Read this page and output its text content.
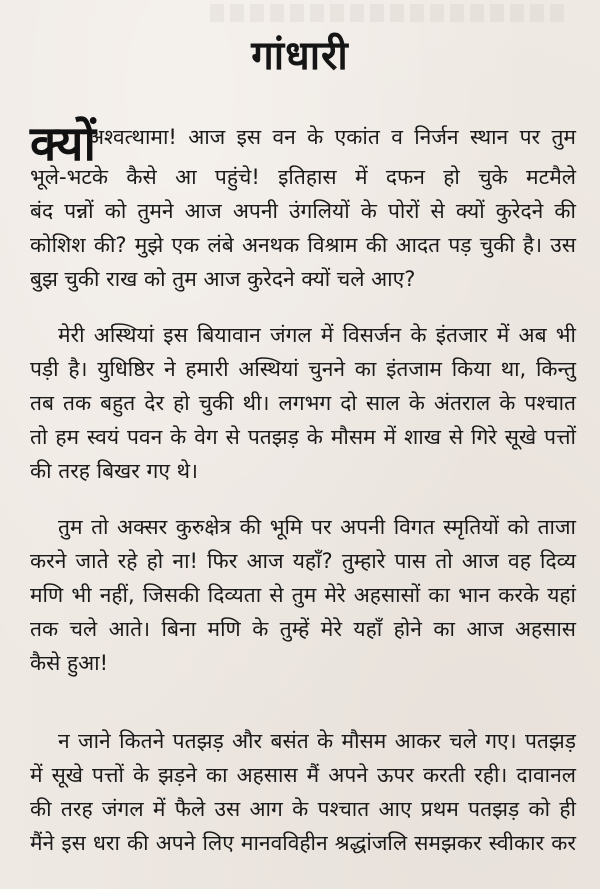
गांधारी
क्यों
अश्वत्थामा! आज इस वन के एकांत व निर्जन स्थान पर तुम
भूले-भटके कैसे आ पहुंचे! इतिहास में दफन हो चुके मटमैले
बंद पन्नों को तुमने आज अपनी उंगलियों के पोरों से क्यों कुरेदने की
कोशिश की? मुझे एक लंबे अनथक विश्राम की आदत पड़ चुकी है। उस
बुझ चुकी राख को तुम आज कुरेदने क्यों चले आए?
मेरी अस्थियां इस बियावान जंगल में विसर्जन के इंतजार में अब भी
पड़ी है। युधिष्ठिर ने हमारी अस्थियां चुनने का इंतजाम किया था, किन्तु
तब तक बहुत देर हो चुकी थी। लगभग दो साल के अंतराल के पश्चात
तो हम स्वयं पवन के वेग से पतझड़ के मौसम में शाख से गिरे सूखे पत्तों
की तरह बिखर गए थे।
तुम तो अक्सर कुरुक्षेत्र की भूमि पर अपनी विगत स्मृतियों को ताजा
करने जाते रहे हो ना! फिर आज यहाँ? तुम्हारे पास तो आज वह दिव्य
मणि भी नहीं, जिसकी दिव्यता से तुम मेरे अहसासों का भान करके यहां
तक चले आते। बिना मणि के तुम्हें मेरे यहाँ होने का आज अहसास
कैसे हुआ!
न जाने कितने पतझड़ और बसंत के मौसम आकर चले गए। पतझड़
में सूखे पत्तों के झड़ने का अहसास मैं अपने ऊपर करती रही। दावानल
की तरह जंगल में फैले उस आग के पश्चात आए प्रथम पतझड़ को ही
मैंने इस धरा की अपने लिए मानवविहीन श्रद्धांजलि समझकर स्वीकार कर
